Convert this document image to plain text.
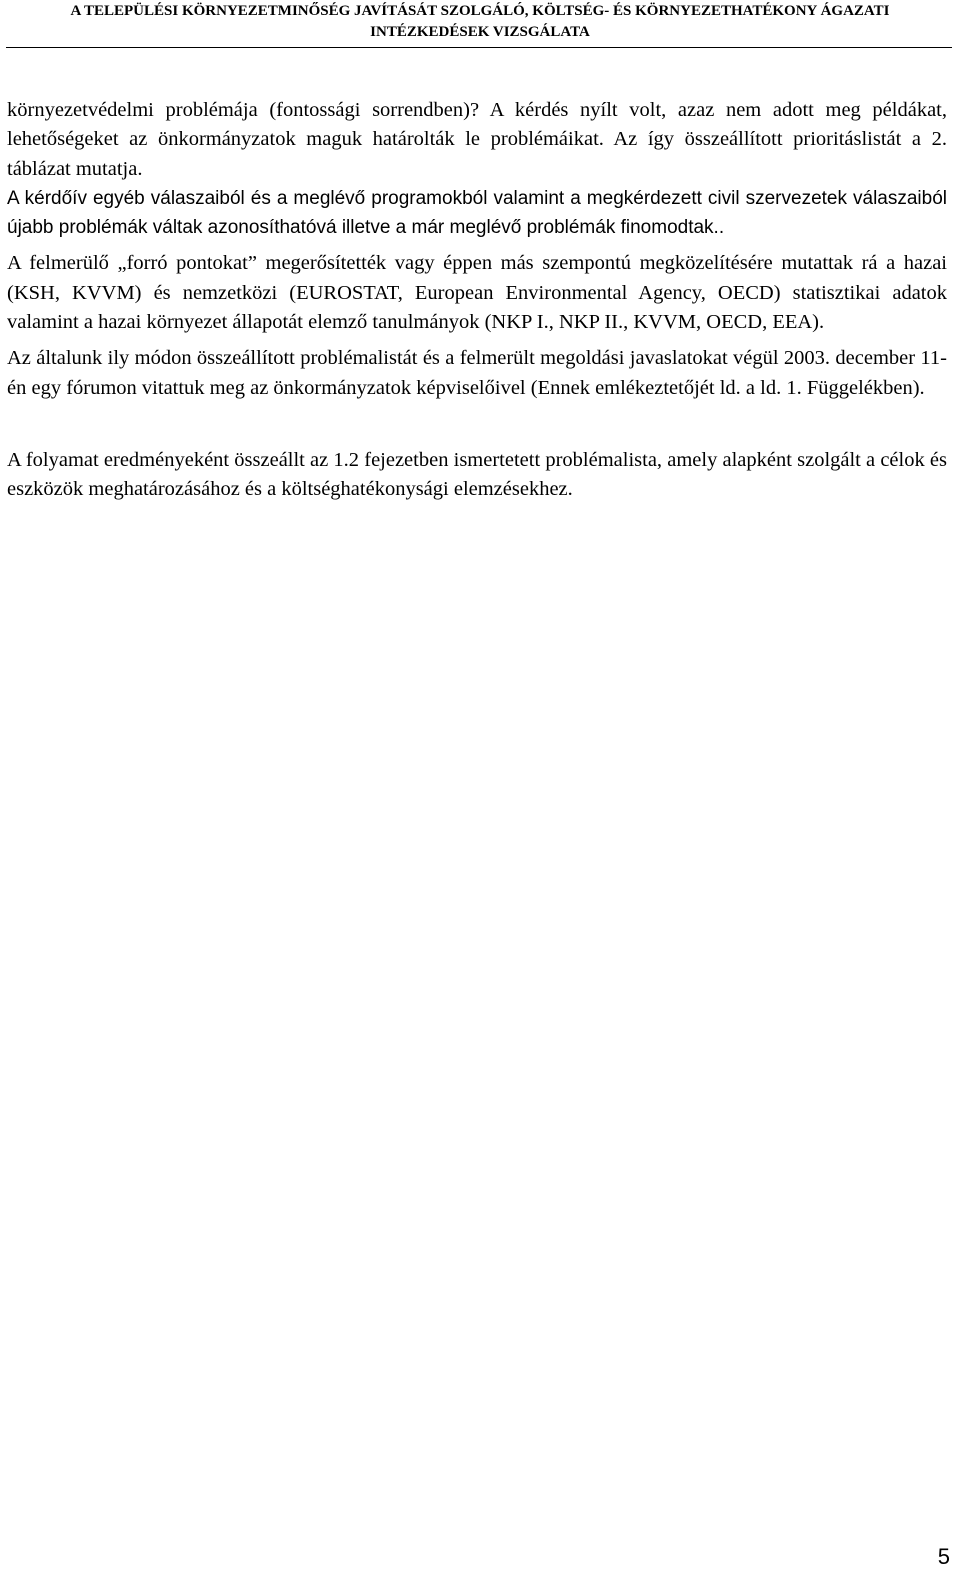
A TELEPÜLÉSI KÖRNYEZETMINŐSÉG JAVÍTÁSÁT SZOLGÁLÓ, KÖLTSÉG- ÉS KÖRNYEZETHATÉKONY ÁGAZATI
INTÉZKEDÉSEK VIZSGÁLATA

környezetvédelmi problémája (fontossági sorrendben)? A kérdés nyílt volt, azaz nem adott meg példákat, lehetőségeket az önkormányzatok maguk határolták le problémáikat. Az így összeállított prioritáslistát a 2. táblázat mutatja.

A kérdőív egyéb válaszaiból és a meglévő programokból valamint a megkérdezett civil szervezetek válaszaiból újabb problémák váltak azonosíthatóvá illetve a már meglévő problémák finomodtak..

A felmerülő „forró pontokat” megerősítették vagy éppen más szempontú megközelítésére mutattak rá a hazai (KSH, KVVM) és nemzetközi (EUROSTAT, European Environmental Agency, OECD) statisztikai adatok valamint a hazai környezet állapotát elemző tanulmányok (NKP I., NKP II., KVVM, OECD, EEA).

Az általunk ily módon összeállított problémalistát és a felmerült megoldási javaslatokat végül 2003. december 11-én egy fórumon vitattuk meg az önkormányzatok képviselőivel (Ennek emlékeztetőjét ld. a ld. 1. Függelékben).

A folyamat eredményeként összeállt az 1.2 fejezetben ismertetett problémalista, amely alapként szolgált a célok és eszközök meghatározásához és a költséghatékonysági elemzésekhez.

5
